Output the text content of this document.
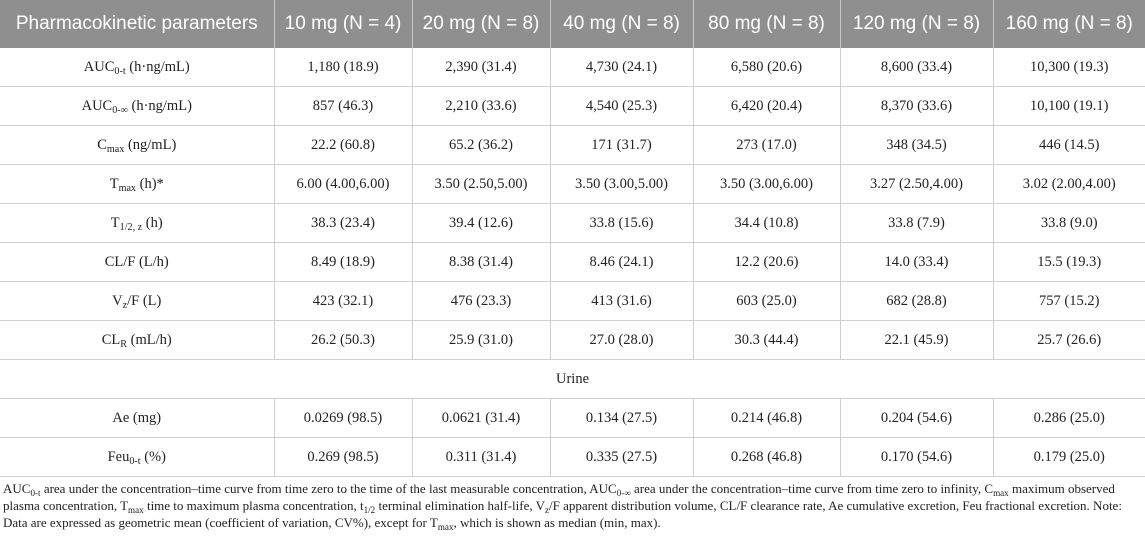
Pharmacokinetic parameters	10 mg (N = 4)	20 mg (N = 8)	40 mg (N = 8)	80 mg (N = 8)	120 mg (N = 8)	160 mg (N = 8)
$AUC_{0-t}$ (h·ng/mL)	1,180 (18.9)	2,390 (31.4)	4,730 (24.1)	6,580 (20.6)	8,600 (33.4)	10,300 (19.3)
$AUC_{0-\infty}$ (h·ng/mL)	857 (46.3)	2,210 (33.6)	4,540 (25.3)	6,420 (20.4)	8,370 (33.6)	10,100 (19.1)
$C_{max}$ (ng/mL)	22.2 (60.8)	65.2 (36.2)	171 (31.7)	273 (17.0)	348 (34.5)	446 (14.5)
$T_{max}$ (h)*	6.00 (4.00,6.00)	3.50 (2.50,5.00)	3.50 (3.00,5.00)	3.50 (3.00,6.00)	3.27 (2.50,4.00)	3.02 (2.00,4.00)
$T_{1/2, z}$ (h)	38.3 (23.4)	39.4 (12.6)	33.8 (15.6)	34.4 (10.8)	33.8 (7.9)	33.8 (9.0)
CL/F (L/h)	8.49 (18.9)	8.38 (31.4)	8.46 (24.1)	12.2 (20.6)	14.0 (33.4)	15.5 (19.3)
$V_z/F$ (L)	423 (32.1)	476 (23.3)	413 (31.6)	603 (25.0)	682 (28.8)	757 (15.2)
$CL_R$ (mL/h)	26.2 (50.3)	25.9 (31.0)	27.0 (28.0)	30.3 (44.4)	22.1 (45.9)	25.7 (26.6)
Urine						
Ae (mg)	0.0269 (98.5)	0.0621 (31.4)	0.134 (27.5)	0.214 (46.8)	0.204 (54.6)	0.286 (25.0)
Feu$_{0-t}$ (%)	0.269 (98.5)	0.311 (31.4)	0.335 (27.5)	0.268 (46.8)	0.170 (54.6)	0.179 (25.0)
$AUC_{0-t}$ area under the concentration–time curve from time zero to the time of the last measurable concentration, $AUC_{0-\infty}$ area under the concentration–time curve from time zero to infinity, $C_{max}$ maximum observed plasma concentration, $T_{max}$ time to maximum plasma concentration, $t_{1/2}$ terminal elimination half-life, $V_z/F$ apparent distribution volume, CL/F clearance rate, Ae cumulative excretion, Feu fractional excretion. Note: Data are expressed as geometric mean (coefficient of variation, CV%), except for $T_{max}$, which is shown as median (min, max).
